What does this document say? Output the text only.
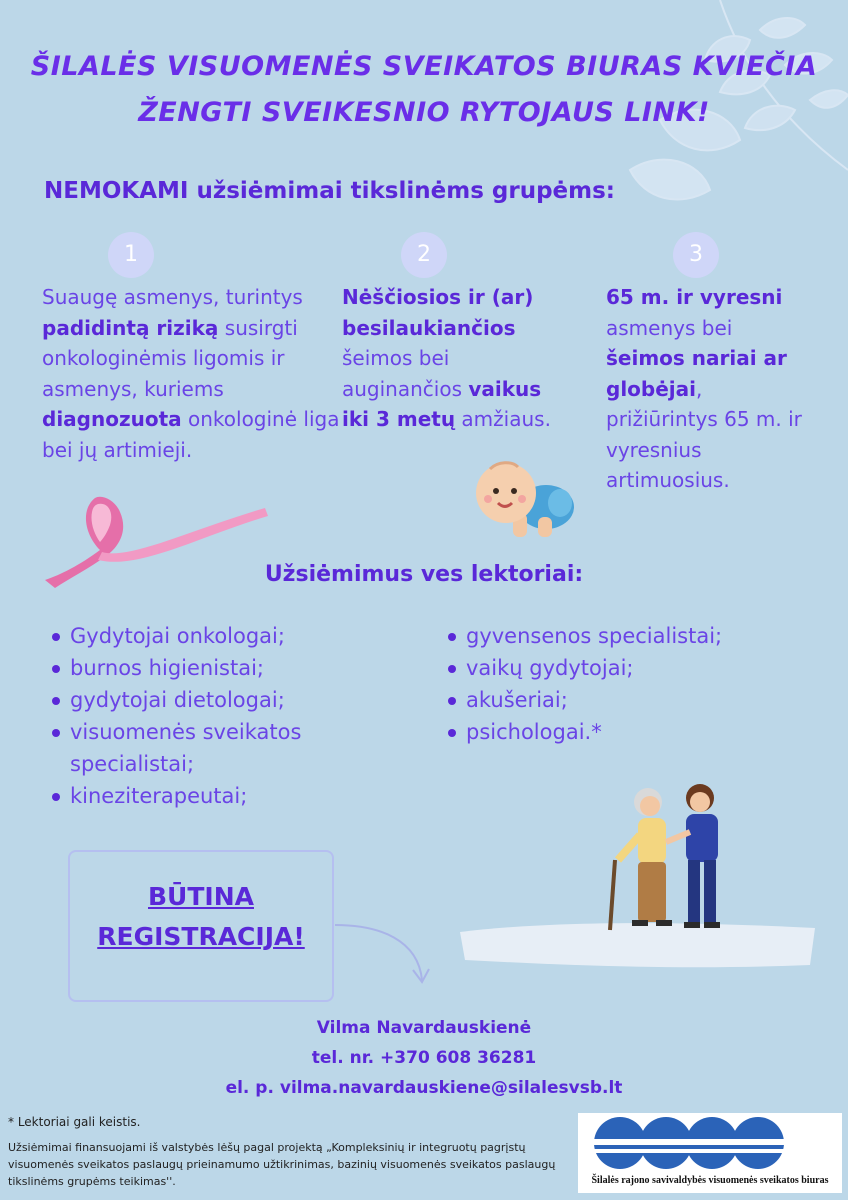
ŠILALĖS VISUOMENĖS SVEIKATOS BIURAS KVIEČIA
ŽENGTI SVEIKESNIO RYTOJAUS LINK!
NEMOKAMI užsiėmimai tikslinėms grupėms:
1	2	3
Suaugę asmenys, turintys padidintą riziką susirgti onkologinėmis ligomis ir asmenys, kuriems diagnozuota onkologinė liga bei jų artimieji.
Nėščiosios ir (ar) besilaukiančios šeimos bei auginančios vaikus iki 3 metų amžiaus.
65 m. ir vyresni asmenys bei šeimos nariai ar globėjai, prižiūrintys 65 m. ir vyresnius artimuosius.
Užsiėmimus ves lektoriai:
Gydytojai onkologai;
burnos higienistai;
gydytojai dietologai;
visuomenės sveikatos specialistai;
kineziterapeutai;
gyvensenos specialistai;
vaikų gydytojai;
akušeriai;
psichologai.*
BŪTINA
REGISTRACIJA!
Vilma Navardauskienė
tel. nr. +370 608 36281
el. p. vilma.navardauskiene@silalesvsb.lt
* Lektoriai gali keistis.
Užsiėmimai finansuojami iš valstybės lėšų pagal projektą „Kompleksinių ir integruotų pagrįstų visuomenės sveikatos paslaugų prieinamumo užtikrinimas, bazinių visuomenės sveikatos paslaugų tikslinėms grupėms teikimas''.	Šilalės rajono savivaldybės visuomenės sveikatos biuras
